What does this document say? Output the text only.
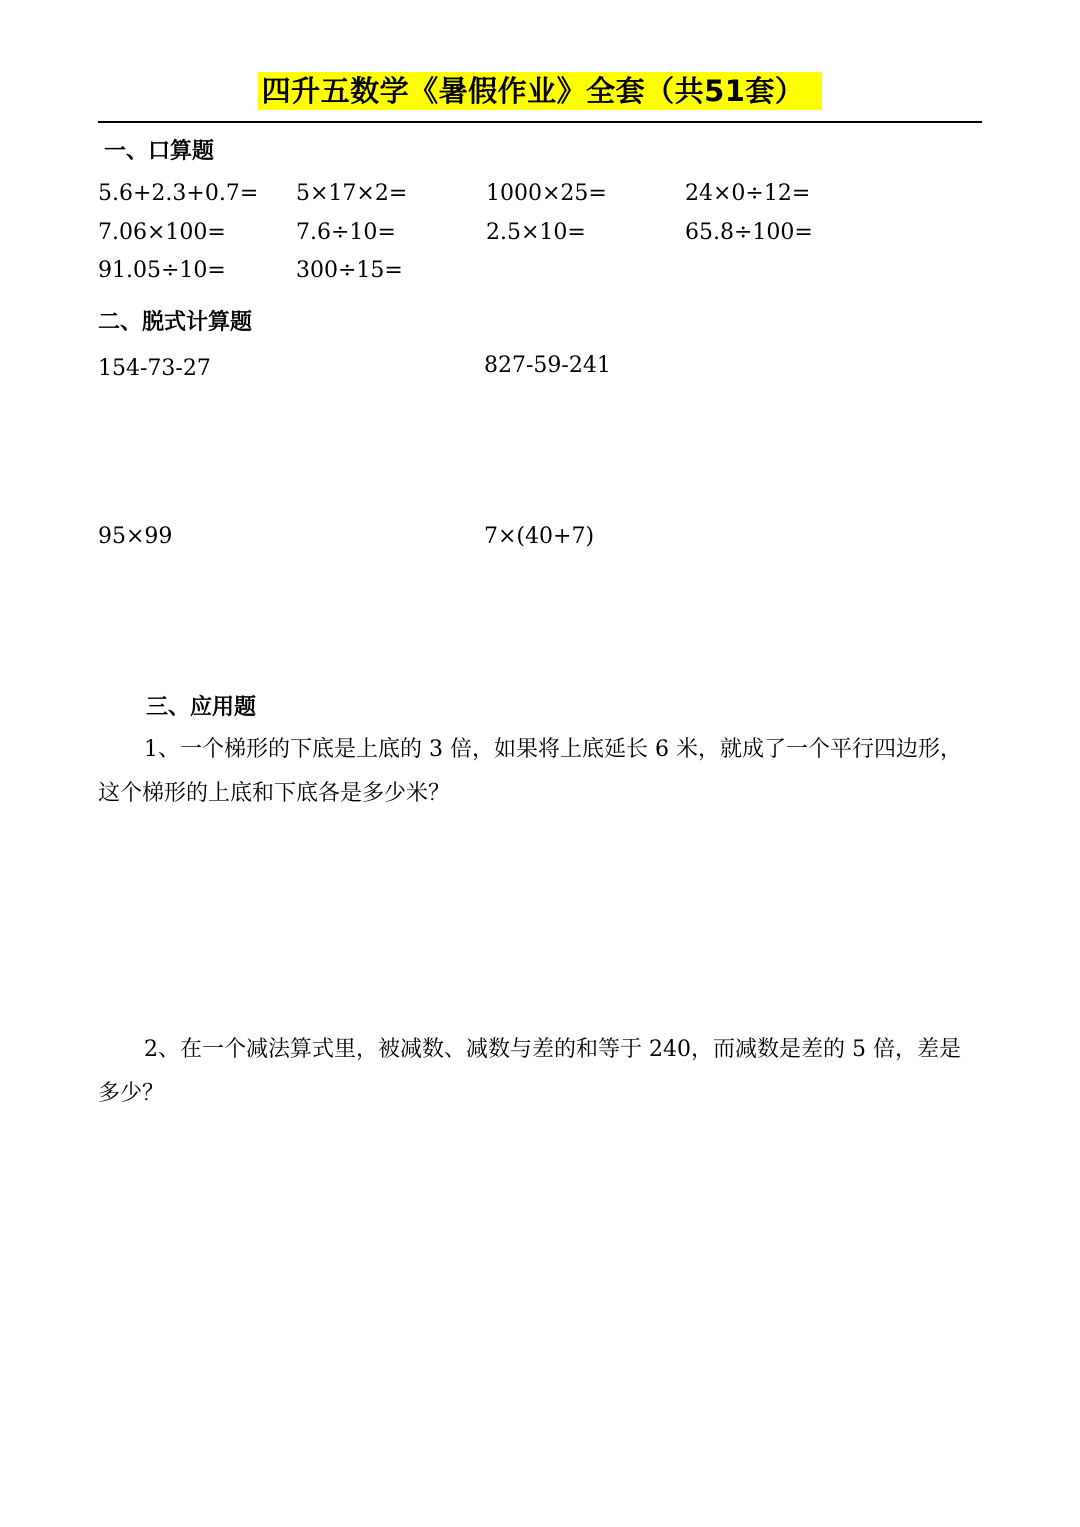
四升五数学《暑假作业》全套（共51套）
一、口算题
5.6+2.3+0.7= 5×17×2=	1000×25=	24×0÷12=
7.06×100=	7.6÷10=	2.5×10=	65.8÷100=
91.05÷10=	300÷15=
二、脱式计算题
154-73-27	827-59-241
95×99	7×(40+7)
三、应用题
1、一个梯形的下底是上底的 3 倍，如果将上底延长 6 米，就成了一个平行四边形，这个梯形的上底和下底各是多少米？
2、在一个减法算式里，被减数、减数与差的和等于 240，而减数是差的 5 倍，差是多少？
